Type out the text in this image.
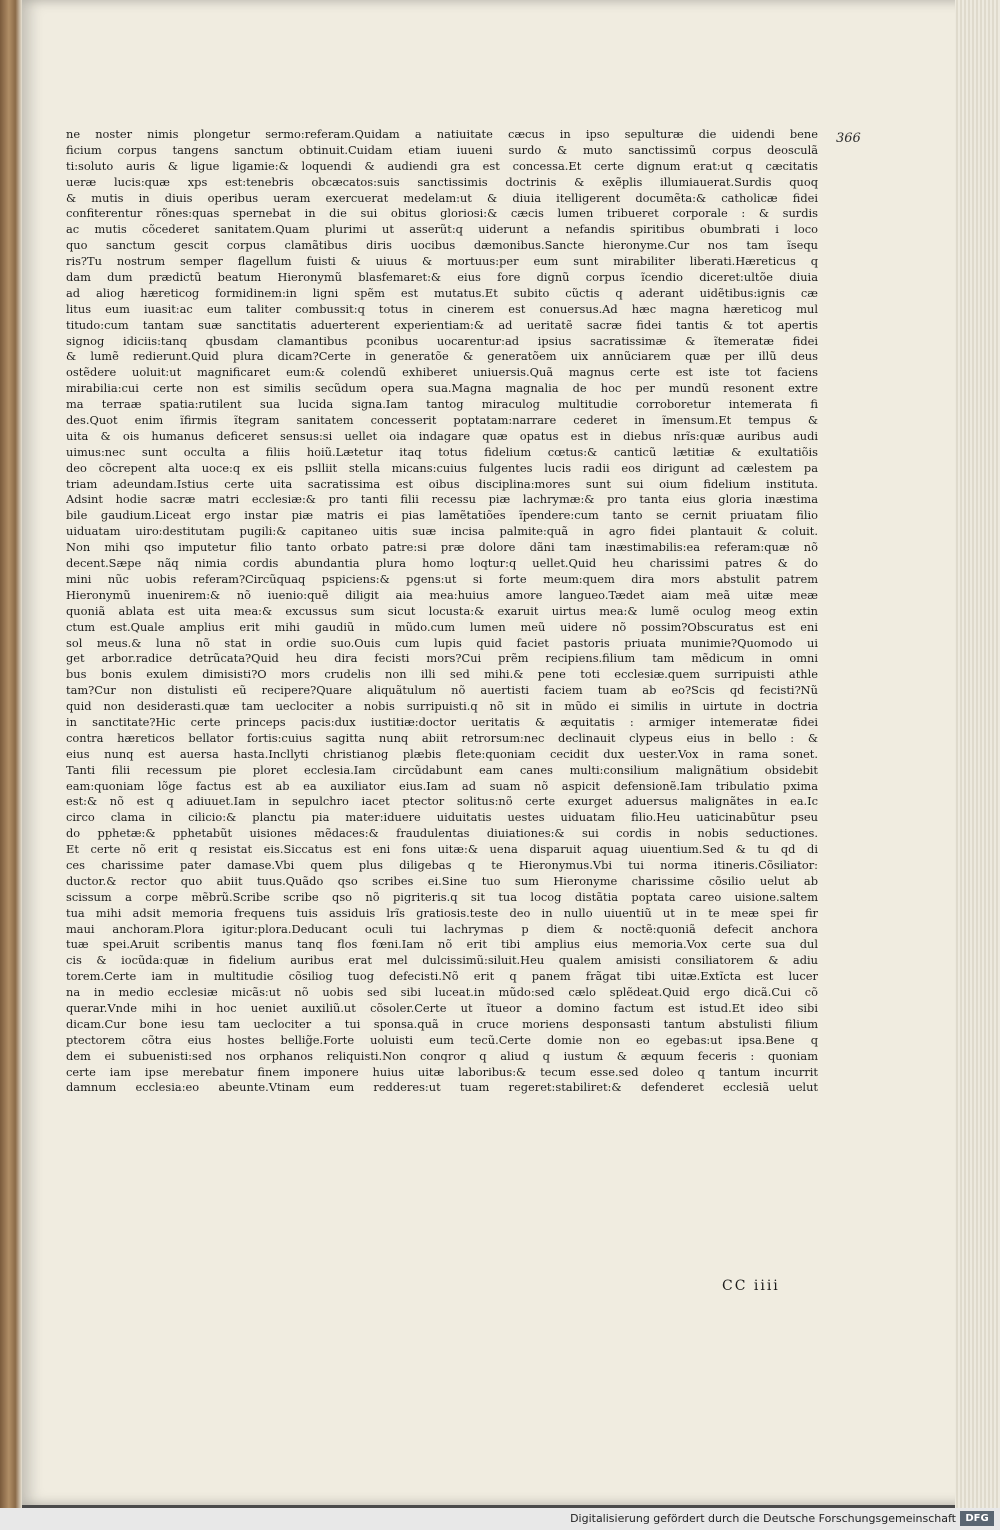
366
ne noster nimis plongetur sermo:referam.Quidam a natiuitate cæcus in ipso sepulturæ die uidendi bene
ficium corpus tangens sanctum obtinuit.Cuidam etiam iuueni surdo & muto sanctissimũ corpus deosculã
ti:soluto auris & ligue ligamie:& loquendi & audiendi gra est concessa.Et certe dignum erat:ut q cæcitatis
ueræ lucis:quæ xps est:tenebris obcæcatos:suis sanctissimis doctrinis & exẽplis illumiauerat.Surdis quoq
& mutis in diuis operibus ueram exercuerat medelam:ut & diuia itelligerent documẽta:& catholicæ fidei
confiterentur rõnes:quas spernebat in die sui obitus gloriosi:& cæcis lumen tribueret corporale : & surdis
ac mutis cõcederet sanitatem.Quam plurimi ut asserũt:q uiderunt a nefandis spiritibus obumbrati i loco
quo sanctum gescit corpus clamãtibus diris uocibus dæmonibus.Sancte hieronyme.Cur nos tam ĩsequ
ris?Tu nostrum semper flagellum fuisti & uiuus & mortuus:per eum sunt mirabiliter liberati.Hæreticus q
dam dum prædictũ beatum Hieronymũ blasfemaret:& eius fore dignũ corpus ĩcendio diceret:ultõe diuia
ad aliog hæreticog formidinem:in ligni spẽm est mutatus.Et subito cũctis q aderant uidẽtibus:ignis cæ
litus eum iuasit:ac eum taliter combussit:q totus in cinerem est conuersus.Ad hæc magna hæreticog mul
titudo:cum tantam suæ sanctitatis aduerterent experientiam:& ad ueritatẽ sacræ fidei tantis & tot apertis
signog idiciis:tanq qbusdam clamantibus pconibus uocarentur:ad ipsius sacratissimæ & ĩtemeratæ fidei
& lumẽ redierunt.Quid plura dicam?Certe in generatõe & generatõem uix annũciarem quæ per illũ deus
ostẽdere uoluit:ut magnificaret eum:& colendũ exhiberet uniuersis.Quã magnus certe est iste tot faciens
mirabilia:cui certe non est similis secũdum opera sua.Magna magnalia de hoc per mundũ resonent extre
ma terraæ spatia:rutilent sua lucida signa.Iam tantog miraculog multitudie corroboretur intemerata fi
des.Quot enim ĩfirmis ĩtegram sanitatem concesserit poptatam:narrare cederet in ĩmensum.Et tempus &
uita & ois humanus deficeret sensus:si uellet oia indagare quæ opatus est in diebus nrĩs:quæ auribus audi
uimus:nec sunt occulta a filiis hoiũ.Lætetur itaq totus fidelium cœtus:& canticũ lætitiæ & exultatiõis
deo cõcrepent alta uoce:q ex eis pslliit stella micans:cuius fulgentes lucis radii eos dirigunt ad cælestem pa
triam adeundam.Istius certe uita sacratissima est oibus disciplina:mores sunt sui oium fidelium instituta.
Adsint hodie sacræ matri ecclesiæ:& pro tanti filii recessu piæ lachrymæ:& pro tanta eius gloria inæstima
bile gaudium.Liceat ergo instar piæ matris ei pias lamẽtatiões ĩpendere:cum tanto se cernit priuatam filio
uiduatam uiro:destitutam pugili:& capitaneo uitis suæ incisa palmite:quã in agro fidei plantauit & coluit.
Non mihi qso imputetur filio tanto orbato patre:si præ dolore dãni tam inæstimabilis:ea referam:quæ nõ
decent.Sæpe nãq nimia cordis abundantia plura homo loqtur:q uellet.Quid heu charissimi patres & do
mini nũc uobis referam?Circũquaq pspiciens:& pgens:ut si forte meum:quem dira mors abstulit patrem
Hieronymũ inuenirem:& nõ iuenio:quẽ diligit aia mea:huius amore langueo.Tædet aiam meã uitæ meæ
quoniã ablata est uita mea:& excussus sum sicut locusta:& exaruit uirtus mea:& lumẽ oculog meog extin
ctum est.Quale amplius erit mihi gaudiũ in mũdo.cum lumen meũ uidere nõ possim?Obscuratus est eni
sol meus.& luna nõ stat in ordie suo.Ouis cum lupis quid faciet pastoris priuata munimie?Quomodo ui
get arbor.radice detrũcata?Quid heu dira fecisti mors?Cui prẽm recipiens.filium tam mẽdicum in omni
bus bonis exulem dimisisti?O mors crudelis non illi sed mihi.& pene toti ecclesiæ.quem surripuisti athle
tam?Cur non distulisti eũ recipere?Quare aliquãtulum nõ auertisti faciem tuam ab eo?Scis qd fecisti?Nũ
quid non desiderasti.quæ tam ueclociter a nobis surripuisti.q nõ sit in mũdo ei similis in uirtute in doctria
in sanctitate?Hic certe princeps pacis:dux iustitiæ:doctor ueritatis & æquitatis : armiger intemeratæ fidei
contra hæreticos bellator fortis:cuius sagitta nunq abiit retrorsum:nec declinauit clypeus eius in bello : &
eius nunq est auersa hasta.Incllyti christianog plæbis flete:quoniam cecidit dux uester.Vox in rama sonet.
Tanti filii recessum pie ploret ecclesia.Iam circũdabunt eam canes multi:consilium malignãtium obsidebit
eam:quoniam lõge factus est ab ea auxiliator eius.Iam ad suam nõ aspicit defensionẽ.Iam tribulatio pxima
est:& nõ est q adiuuet.Iam in sepulchro iacet ptector solitus:nõ certe exurget aduersus malignãtes in ea.Ic
circo clama in cilicio:& planctu pia mater:iduere uiduitatis uestes uiduatam filio.Heu uaticinabũtur pseu
do pphetæ:& pphetabũt uisiones mẽdaces:& fraudulentas diuiationes:& sui cordis in nobis seductiones.
Et certe nõ erit q resistat eis.Siccatus est eni fons uitæ:& uena disparuit aquag uiuentium.Sed & tu qd di
ces charissime pater damase.Vbi quem plus diligebas q te Hieronymus.Vbi tui norma itineris.Cõsiliator:
ductor.& rector quo abiit tuus.Quãdo qso scribes ei.Sine tuo sum Hieronyme charissime cõsilio uelut ab
scissum a corpe mẽbrũ.Scribe scribe qso nõ pigriteris.q sit tua locog distãtia poptata careo uisione.saltem
tua mihi adsit memoria frequens tuis assiduis lrĩs gratiosis.teste deo in nullo uiuentiũ ut in te meæ spei fir
maui anchoram.Plora igitur:plora.Deducant oculi tui lachrymas p diem & noctẽ:quoniã defecit anchora
tuæ spei.Aruit scribentis manus tanq flos fœni.Iam nõ erit tibi amplius eius memoria.Vox certe sua dul
cis & iocũda:quæ in fidelium auribus erat mel dulcissimũ:siluit.Heu qualem amisisti consiliatorem & adiu
torem.Certe iam in multitudie cõsiliog tuog defecisti.Nõ erit q panem frãgat tibi uitæ.Extĩcta est lucer
na in medio ecclesiæ micãs:ut nõ uobis sed sibi luceat.in mũdo:sed cælo splẽdeat.Quid ergo dicã.Cui cõ
querar.Vnde mihi in hoc ueniet auxiliũ.ut cõsoler.Certe ut ĩtueor a domino factum est istud.Et ideo sibi
dicam.Cur bone iesu tam ueclociter a tui sponsa.quã in cruce moriens desponsasti tantum abstulisti filium
ptectorem cõtra eius hostes bellig̃e.Forte uoluisti eum tecũ.Certe domie non eo egebas:ut ipsa.Bene q
dem ei subuenisti:sed nos orphanos reliquisti.Non conqror q aliud q iustum & æquum feceris : quoniam
certe iam ipse merebatur finem imponere huius uitæ laboribus:& tecum esse.sed doleo q tantum incurrit
damnum ecclesia:eo abeunte.Vtinam eum redderes:ut tuam regeret:stabiliret:& defenderet ecclesiã uelut
CC iiii
Digitalisierung gefördert durch die Deutsche Forschungsgemeinschaft DFG
